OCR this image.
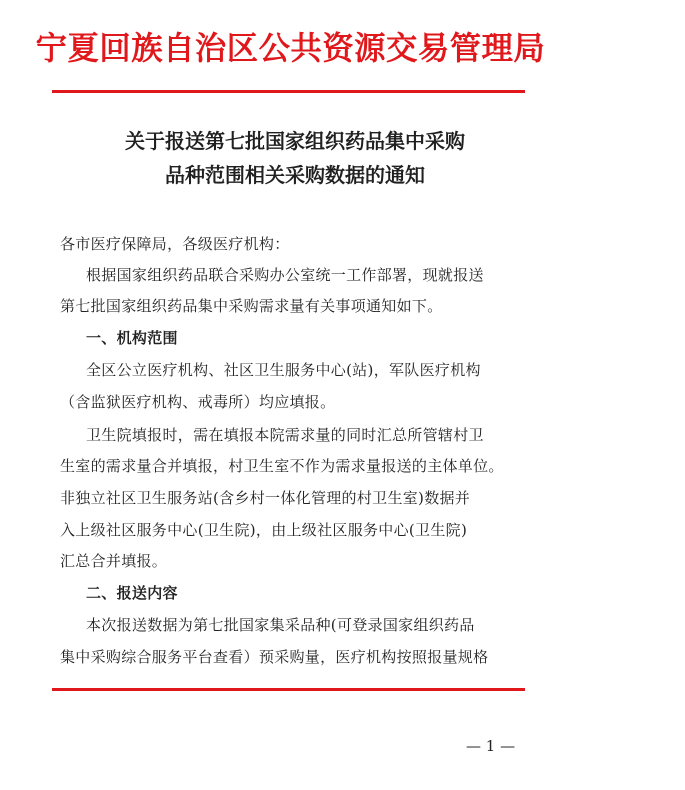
宁夏回族自治区公共资源交易管理局
关于报送第七批国家组织药品集中采购
品种范围相关采购数据的通知
各市医疗保障局，各级医疗机构：
根据国家组织药品联合采购办公室统一工作部署，现就报送
第七批国家组织药品集中采购需求量有关事项通知如下。
一、机构范围
全区公立医疗机构、社区卫生服务中心(站)，军队医疗机构
（含监狱医疗机构、戒毒所）均应填报。
卫生院填报时，需在填报本院需求量的同时汇总所管辖村卫
生室的需求量合并填报，村卫生室不作为需求量报送的主体单位。
非独立社区卫生服务站(含乡村一体化管理的村卫生室)数据并
入上级社区服务中心(卫生院)，由上级社区服务中心(卫生院)
汇总合并填报。
二、报送内容
本次报送数据为第七批国家集采品种(可登录国家组织药品
集中采购综合服务平台查看）预采购量，医疗机构按照报量规格
— 1 —
